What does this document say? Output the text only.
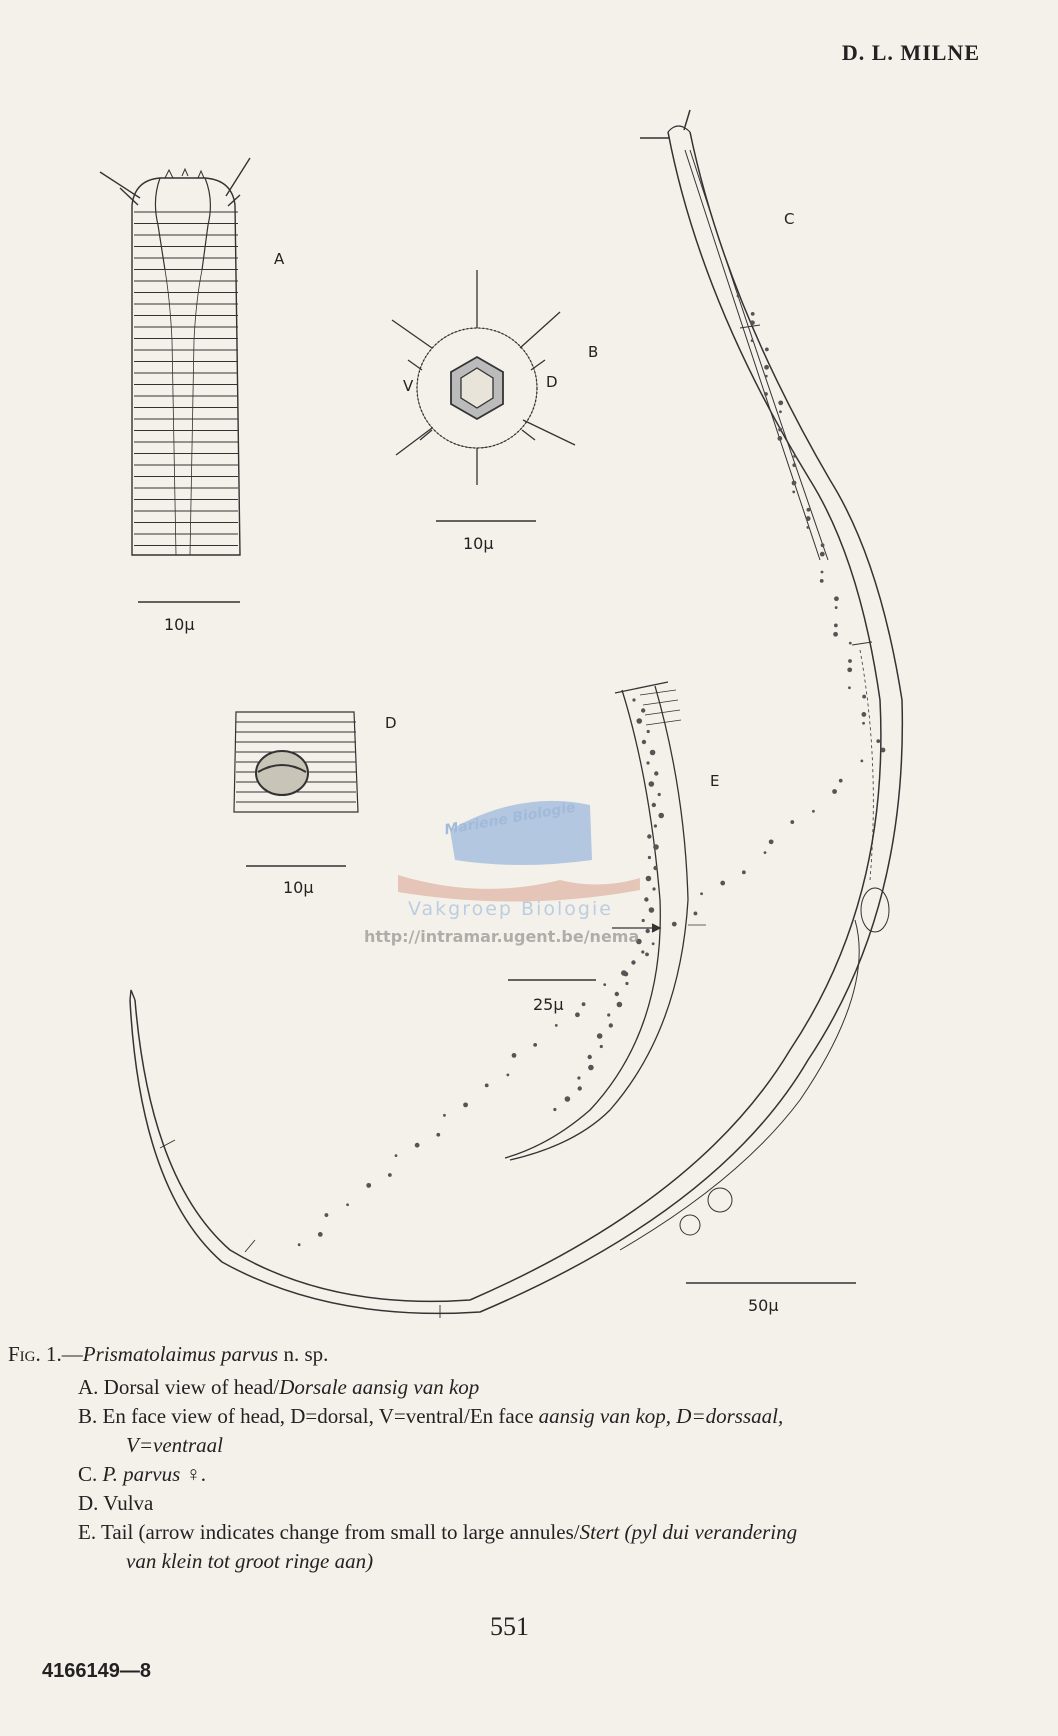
D. L. MILNE
A
10μ
B
V	D
10μ
D
10μ
E
25μ
C
50μ
Mariene Biologie
Vakgroep Biologie
http://intramar.ugent.be/nema
Fig. 1.—Prismatolaimus parvus n. sp.
A. Dorsal view of head/Dorsale aansig van kop
B. En face view of head, D=dorsal, V=ventral/En face aansig van kop, D=dorssaal,
V=ventraal
C. P. parvus ♀.
D. Vulva
E. Tail (arrow indicates change from small to large annules/Stert (pyl dui verandering
van klein tot groot ringe aan)
551
4166149—8
